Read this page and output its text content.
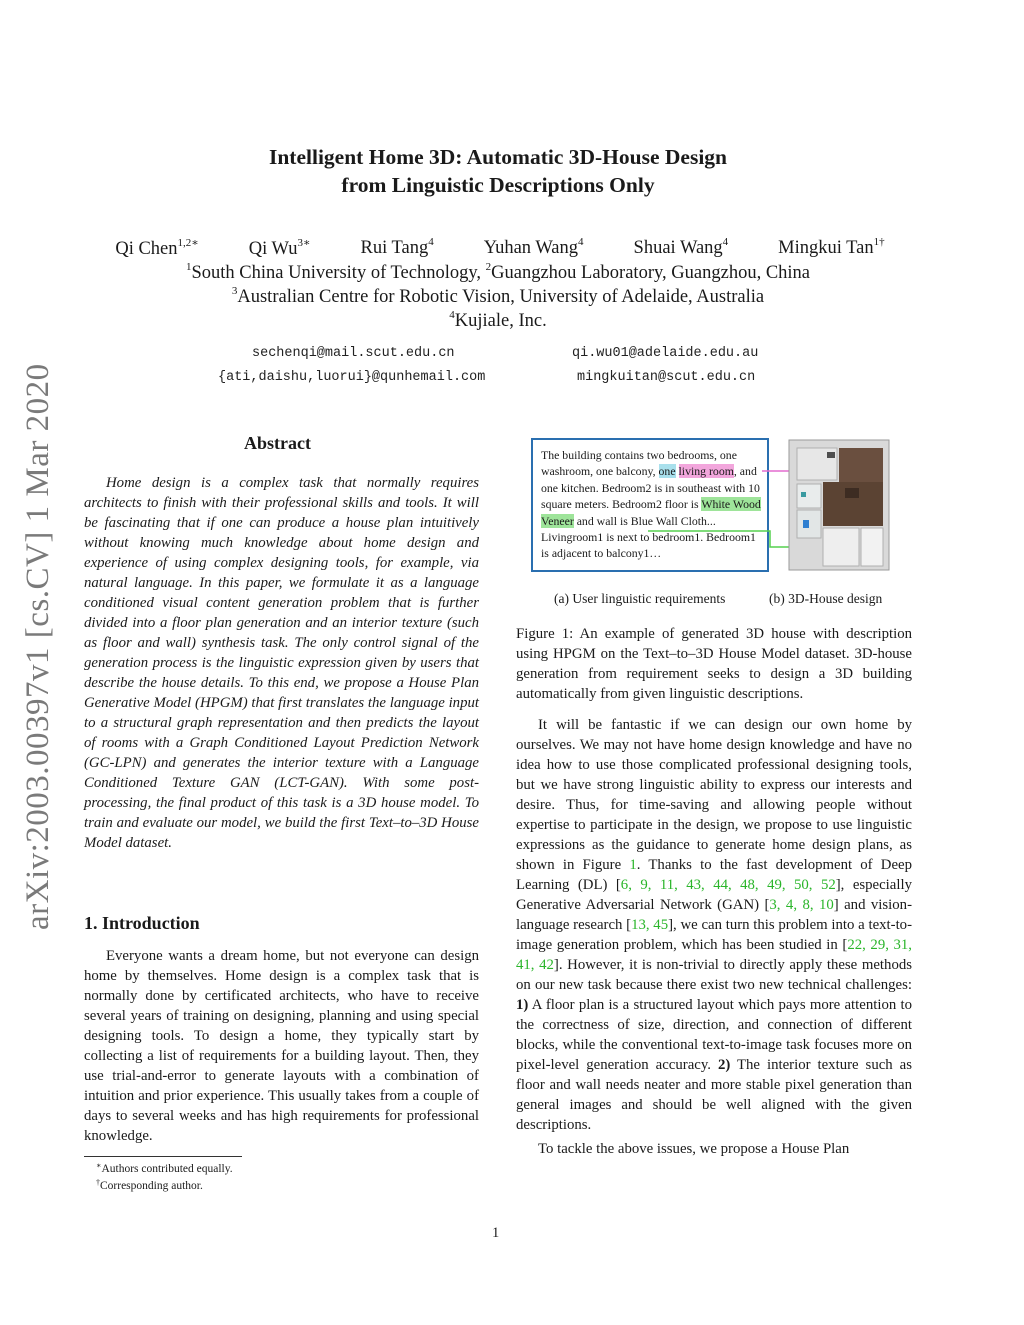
arXiv:2003.00397v1 [cs.CV] 1 Mar 2020
Intelligent Home 3D: Automatic 3D-House Design
from Linguistic Descriptions Only
Qi Chen$^{1,2∗}$	Qi $Wu^{3∗}$	Rui Tang$^4$	Yuhan Wang$^4$	Shuai Wang$^4$	Mingkui Tan$^{1\dagger}$
$^1$South China University of Technology, $^2$Guangzhou Laboratory, Guangzhou, China
$^3$Australian Centre for Robotic Vision, University of Adelaide, Australia
$^4$Kujiale, Inc.
sechenqi@mail.scut.edu.cn	qi.wu01@adelaide.edu.au
{ati,daishu,luorui}@qunhemail.com	mingkuitan@scut.edu.cn
Abstract

Home design is a complex task that normally requires architects to finish with their professional skills and tools. It will be fascinating that if one can produce a house plan intuitively without knowing much knowledge about home design and experience of using complex designing tools, for example, via natural language. In this paper, we formulate it as a language conditioned visual content generation problem that is further divided into a floor plan generation and an interior texture (such as floor and wall) synthesis task. The only control signal of the generation process is the linguistic expression given by users that describe the house details. To this end, we propose a House Plan Generative Model (HPGM) that first translates the language input to a structural graph representation and then predicts the layout of rooms with a Graph Conditioned Layout Prediction Network (GC-LPN) and generates the interior texture with a Language Conditioned Texture GAN (LCT-GAN). With some post-processing, the final product of this task is a 3D house model. To train and evaluate our model, we build the first Text–to–3D House Model dataset.

1. Introduction

Everyone wants a dream home, but not everyone can design home by themselves. Home design is a complex task that is normally done by certificated architects, who have to receive several years of training on designing, planning and using special designing tools. To design a home, they typically start by collecting a list of requirements for a building layout. Then, they use trial-and-error to generate layouts with a combination of intuition and prior experience. This usually takes from a couple of days to several weeks and has high requirements for professional knowledge.

∗Authors contributed equally.
†Corresponding author.
The building contains two bedrooms, one washroom, one balcony, one living room, and one kitchen. Bedroom2 is in southeast with 10 square meters. Bedroom2 floor is White Wood Veneer and wall is Blue Wall Cloth... Livingroom1 is next to bedroom1. Bedroom1 is adjacent to balcony1…
(a) User linguistic requirements	(b) 3D-House design
Figure 1: An example of generated 3D house with description using HPGM on the Text–to–3D House Model dataset. 3D-house generation from requirement seeks to design a 3D building automatically from given linguistic descriptions.

It will be fantastic if we can design our own home by ourselves. We may not have home design knowledge and have no idea how to use those complicated professional designing tools, but we have strong linguistic ability to express our interests and desire. Thus, for time-saving and allowing people without expertise to participate in the design, we propose to use linguistic expressions as the guidance to generate home design plans, as shown in Figure 1. Thanks to the fast development of Deep Learning (DL) [6, 9, 11, 43, 44, 48, 49, 50, 52], especially Generative Adversarial Network (GAN) [3, 4, 8, 10] and vision-language research [13, 45], we can turn this problem into a text-to-image generation problem, which has been studied in [22, 29, 31, 41, 42]. However, it is non-trivial to directly apply these methods on our new task because there exist two new technical challenges: 1) A floor plan is a structured layout which pays more attention to the correctness of size, direction, and connection of different blocks, while the conventional text-to-image task focuses more on pixel-level generation accuracy. 2) The interior texture such as floor and wall needs neater and more stable pixel generation than general images and should be well aligned with the given descriptions.

To tackle the above issues, we propose a House Plan

1
